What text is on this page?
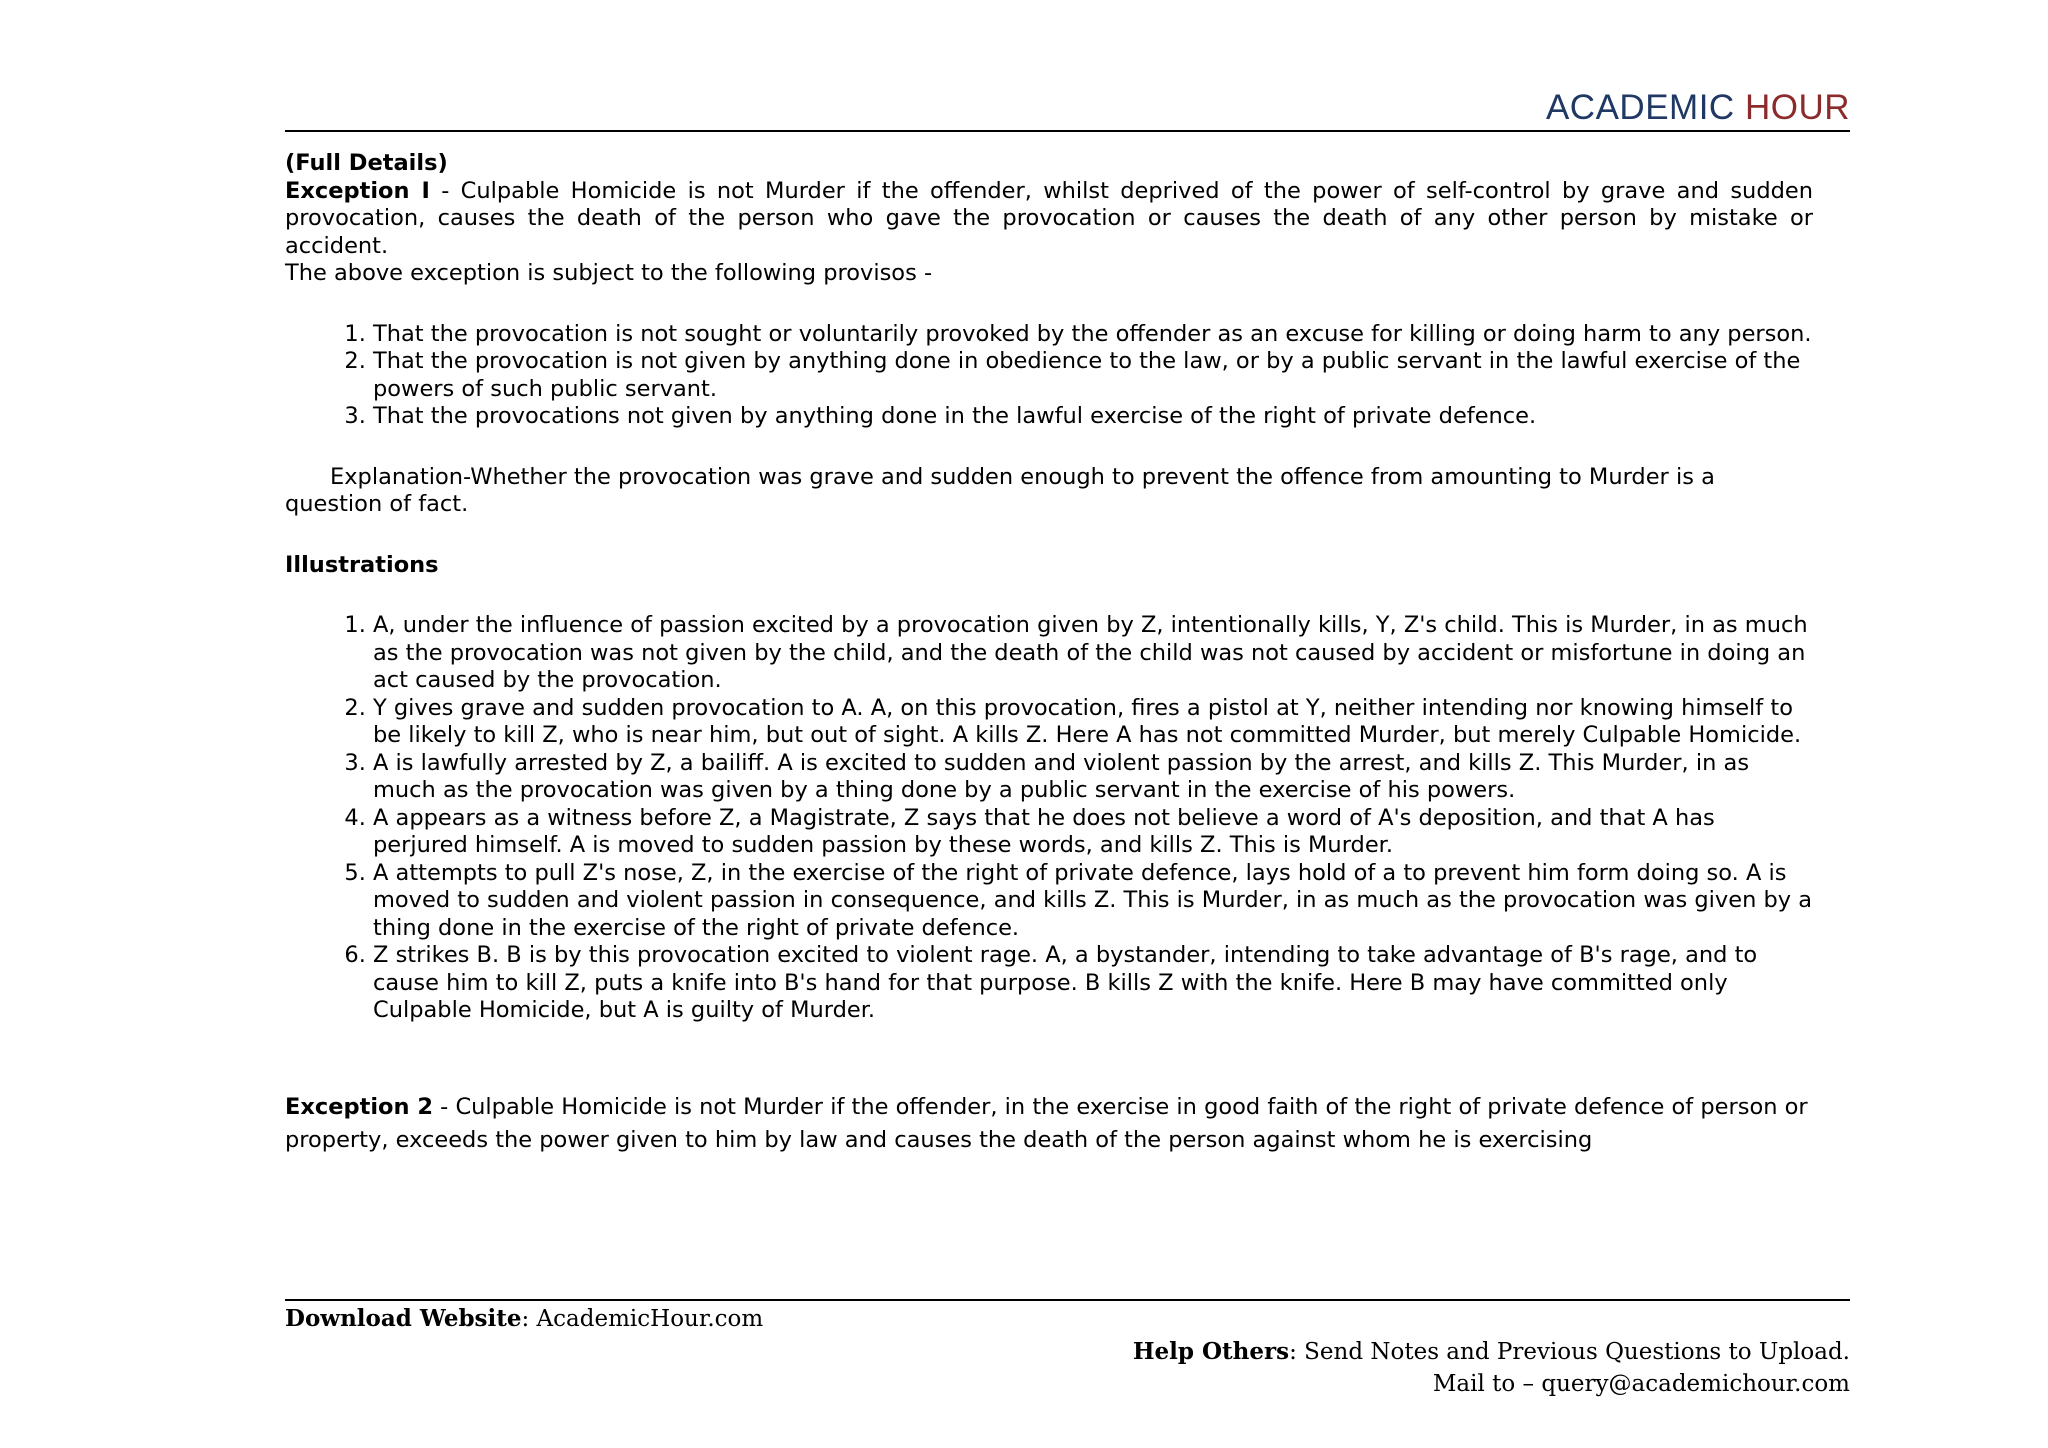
ACADEMIC HOUR

(Full Details)

Exception I - Culpable Homicide is not Murder if the offender, whilst deprived of the power of self-control by grave and sudden provocation, causes the death of the person who gave the provocation or causes the death of any other person by mistake or accident.

The above exception is subject to the following provisos -

1. That the provocation is not sought or voluntarily provoked by the offender as an excuse for killing or doing harm to any person.
2. That the provocation is not given by anything done in obedience to the law, or by a public servant in the lawful exercise of the powers of such public servant.
3. That the provocations not given by anything done in the lawful exercise of the right of private defence.

Explanation-Whether the provocation was grave and sudden enough to prevent the offence from amounting to Murder is a question of fact.

Illustrations

1. A, under the influence of passion excited by a provocation given by Z, intentionally kills, Y, Z's child. This is Murder, in as much as the provocation was not given by the child, and the death of the child was not caused by accident or misfortune in doing an act caused by the provocation.
2. Y gives grave and sudden provocation to A. A, on this provocation, fires a pistol at Y, neither intending nor knowing himself to be likely to kill Z, who is near him, but out of sight. A kills Z. Here A has not committed Murder, but merely Culpable Homicide.
3. A is lawfully arrested by Z, a bailiff. A is excited to sudden and violent passion by the arrest, and kills Z. This Murder, in as much as the provocation was given by a thing done by a public servant in the exercise of his powers.
4. A appears as a witness before Z, a Magistrate, Z says that he does not believe a word of A's deposition, and that A has perjured himself. A is moved to sudden passion by these words, and kills Z. This is Murder.
5. A attempts to pull Z's nose, Z, in the exercise of the right of private defence, lays hold of a to prevent him form doing so. A is moved to sudden and violent passion in consequence, and kills Z. This is Murder, in as much as the provocation was given by a thing done in the exercise of the right of private defence.
6. Z strikes B. B is by this provocation excited to violent rage. A, a bystander, intending to take advantage of B's rage, and to cause him to kill Z, puts a knife into B's hand for that purpose. B kills Z with the knife. Here B may have committed only Culpable Homicide, but A is guilty of Murder.

Exception 2 - Culpable Homicide is not Murder if the offender, in the exercise in good faith of the right of private defence of person or property, exceeds the power given to him by law and causes the death of the person against whom he is exercising

Download Website: AcademicHour.com
Help Others: Send Notes and Previous Questions to Upload.
Mail to – query@academichour.com
